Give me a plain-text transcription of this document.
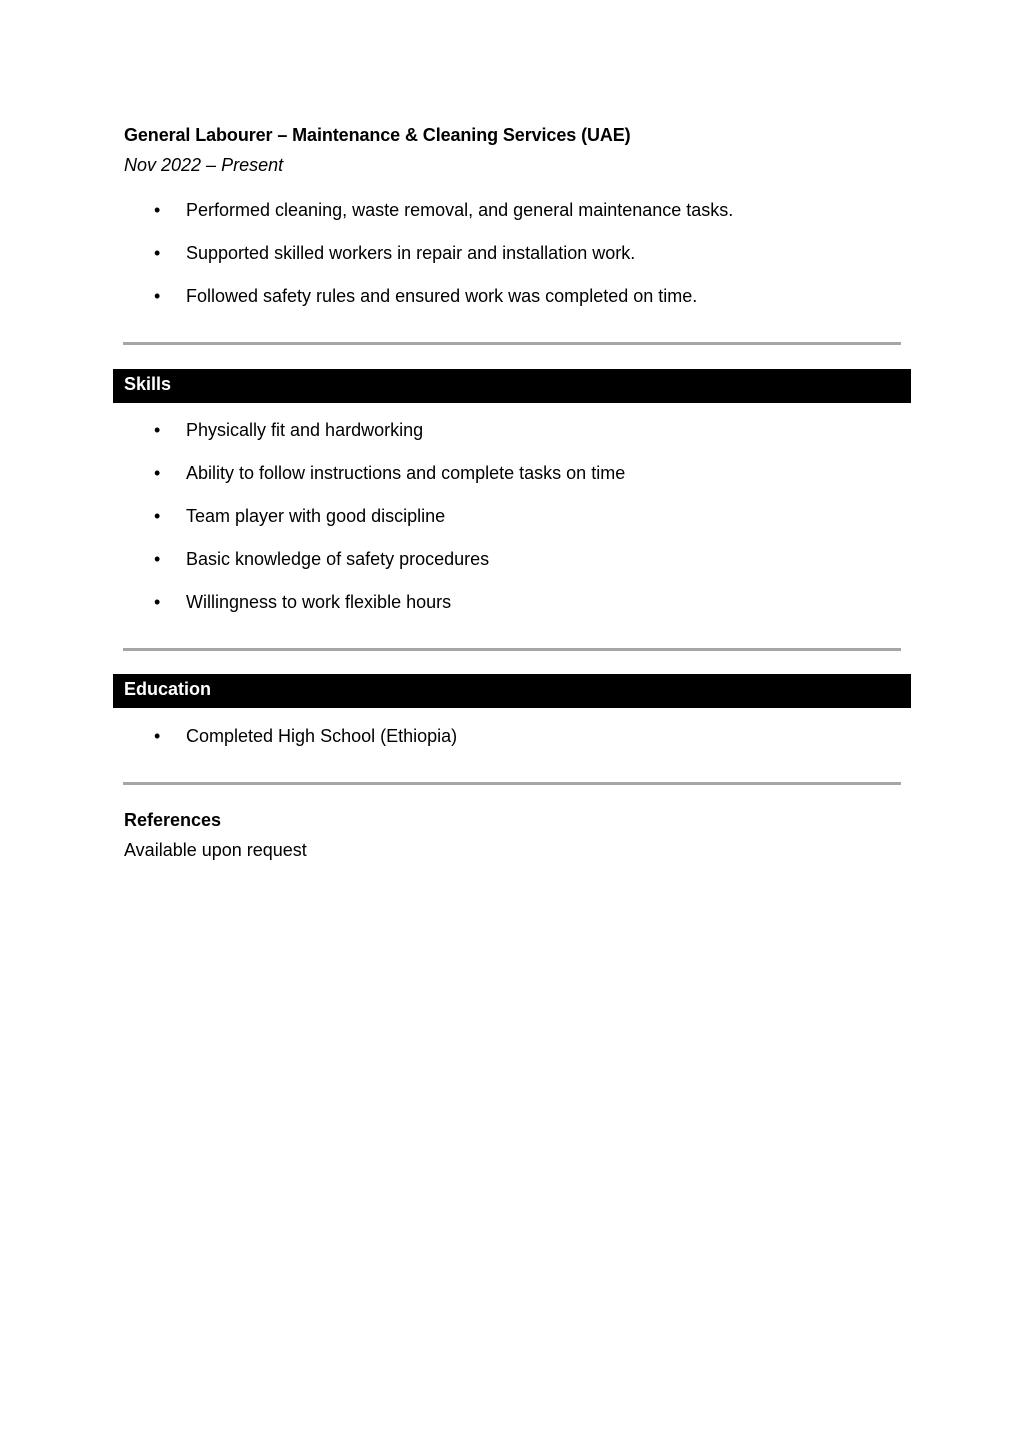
General Labourer – Maintenance & Cleaning Services (UAE)
Nov 2022 – Present
• Performed cleaning, waste removal, and general maintenance tasks.
• Supported skilled workers in repair and installation work.
• Followed safety rules and ensured work was completed on time.
Skills
• Physically fit and hardworking
• Ability to follow instructions and complete tasks on time
• Team player with good discipline
• Basic knowledge of safety procedures
• Willingness to work flexible hours
Education
• Completed High School (Ethiopia)
References
Available upon request
